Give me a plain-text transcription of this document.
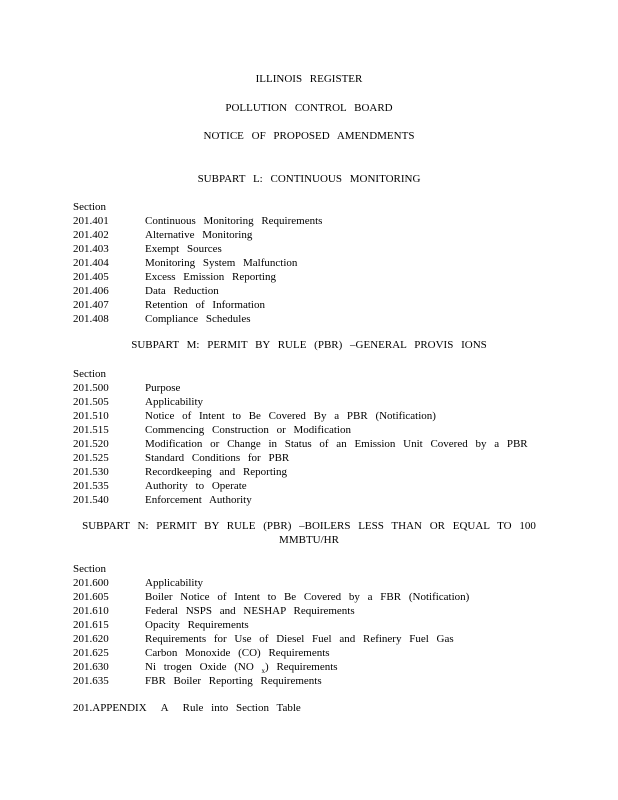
ILLINOIS REGISTER
POLLUTION CONTROL BOARD
NOTICE OF PROPOSED AMENDMENTS
SUBPART L: CONTINUOUS MONITORING
Section
201.401	Continuous Monitoring Requirements
201.402	Alternative Monitoring
201.403	Exempt Sources
201.404	Monitoring System Malfunction
201.405	Excess Emission Reporting
201.406	Data Reduction
201.407	Retention of Information
201.408	Compliance Schedules
SUBPART M: PERMIT BY RULE (PBR) –GENERAL PROVIS IONS
Section
201.500	Purpose
201.505	Applicability
201.510	Notice of Intent to Be Covered By a PBR (Notification)
201.515	Commencing Construction or Modification
201.520	Modification or Change in Status of an Emission Unit Covered by a PBR
201.525	Standard Conditions for PBR
201.530	Recordkeeping and Reporting
201.535	Authority to Operate
201.540	Enforcement Authority
SUBPART N: PERMIT BY RULE (PBR) –BOILERS LESS THAN OR EQUAL TO 100
MMBTU/HR
Section
201.600	Applicability
201.605	Boiler Notice of Intent to Be Covered by a FBR (Notification)
201.610	Federal NSPS and NESHAP Requirements
201.615	Opacity Requirements
201.620	Requirements for Use of Diesel Fuel and Refinery Fuel Gas
201.625	Carbon Monoxide (CO) Requirements
201.630	Ni trogen Oxide (NO $_x$) Requirements
201.635	FBR Boiler Reporting Requirements
201.APPENDIX A Rule into Section Table
